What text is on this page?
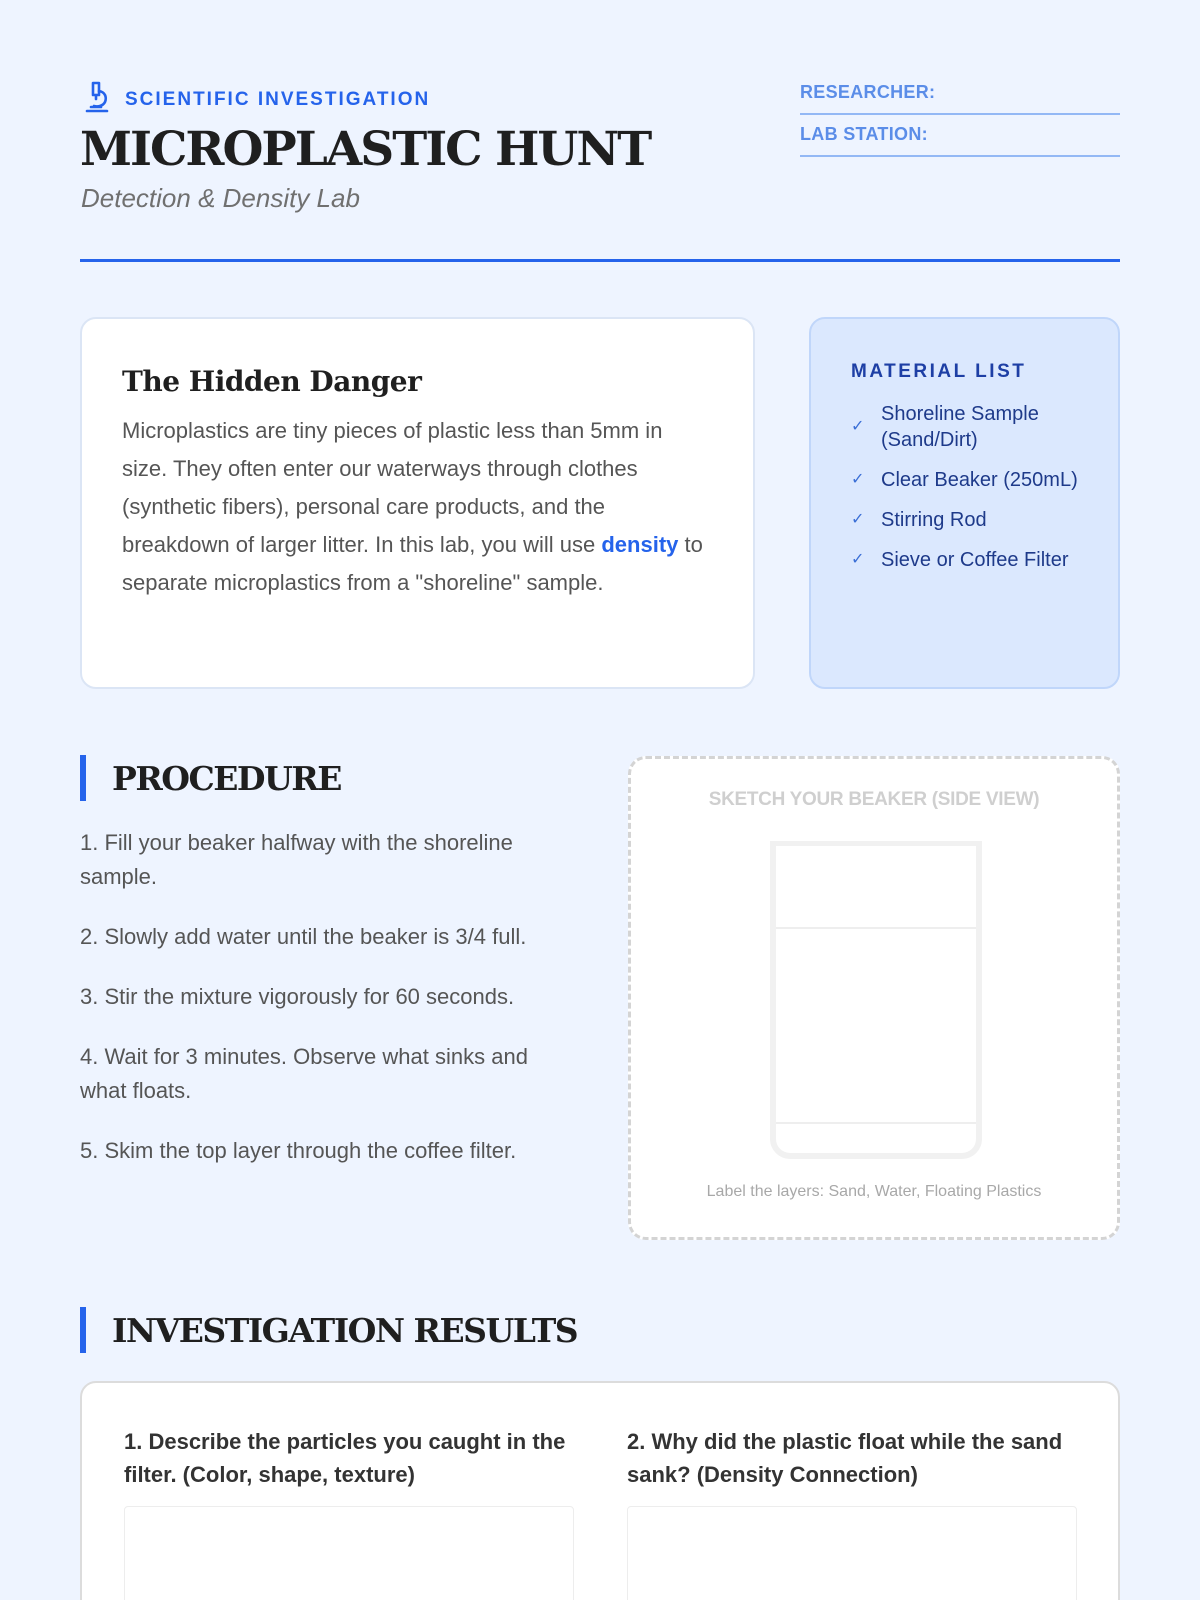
SCIENTIFIC INVESTIGATION
MICROPLASTIC HUNT
Detection & Density Lab
RESEARCHER:
LAB STATION:
The Hidden Danger

Microplastics are tiny pieces of plastic less than 5mm in size. They often enter our waterways through clothes (synthetic fibers), personal care products, and the breakdown of larger litter. In this lab, you will use density to separate microplastics from a "shoreline" sample.

MATERIAL LIST
✓
Shoreline Sample (Sand/Dirt)
✓ Clear Beaker (250mL)
✓ Stirring Rod
✓ Sieve or Coffee Filter
PROCEDURE
1. Fill your beaker halfway with the shoreline sample.
2. Slowly add water until the beaker is 3/4 full.
3. Stir the mixture vigorously for 60 seconds.
4. Wait for 3 minutes. Observe what sinks and what floats.
5. Skim the top layer through the coffee filter.
SKETCH YOUR BEAKER (SIDE VIEW)
Label the layers: Sand, Water, Floating Plastics
INVESTIGATION RESULTS
1. Describe the particles you caught in the filter. (Color, shape, texture)
2. Why did the plastic float while the sand sank? (Density Connection)
